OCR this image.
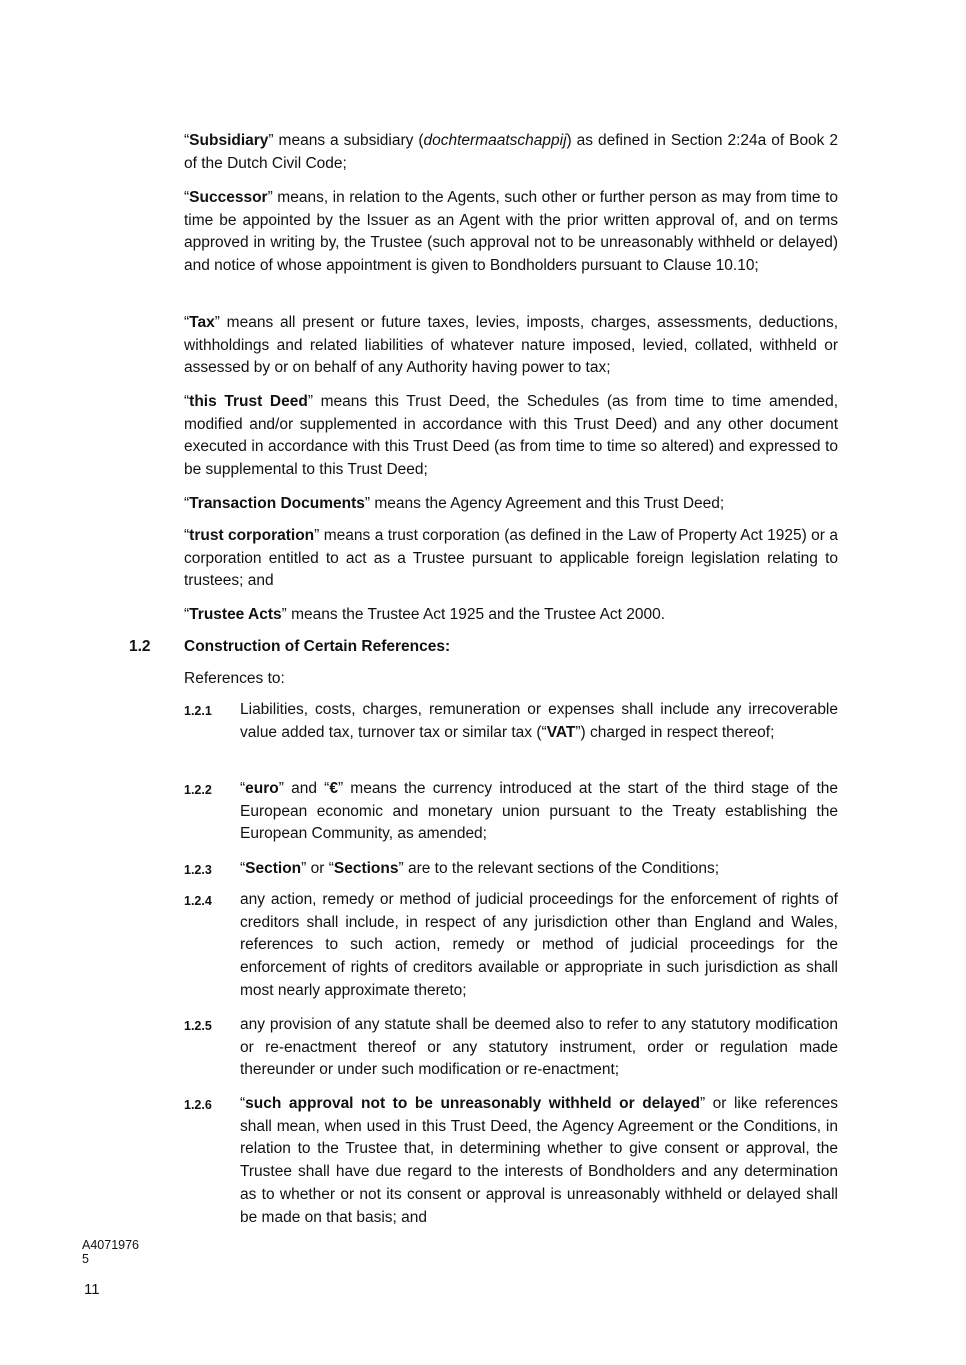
“Subsidiary” means a subsidiary (dochtermaatschappij) as defined in Section 2:24a of Book 2 of the Dutch Civil Code;

“Successor” means, in relation to the Agents, such other or further person as may from time to time be appointed by the Issuer as an Agent with the prior written approval of, and on terms approved in writing by, the Trustee (such approval not to be unreasonably withheld or delayed) and notice of whose appointment is given to Bondholders pursuant to Clause 10.10;

“Tax” means all present or future taxes, levies, imposts, charges, assessments, deductions, withholdings and related liabilities of whatever nature imposed, levied, collated, withheld or assessed by or on behalf of any Authority having power to tax;

“this Trust Deed” means this Trust Deed, the Schedules (as from time to time amended, modified and/or supplemented in accordance with this Trust Deed) and any other document executed in accordance with this Trust Deed (as from time to time so altered) and expressed to be supplemental to this Trust Deed;

“Transaction Documents” means the Agency Agreement and this Trust Deed;

“trust corporation” means a trust corporation (as defined in the Law of Property Act 1925) or a corporation entitled to act as a Trustee pursuant to applicable foreign legislation relating to trustees; and

“Trustee Acts” means the Trustee Act 1925 and the Trustee Act 2000.

1.2 Construction of Certain References:
References to:
1.2.1 Liabilities, costs, charges, remuneration or expenses shall include any irrecoverable value added tax, turnover tax or similar tax (“VAT”) charged in respect thereof;

1.2.2 “euro” and “€” means the currency introduced at the start of the third stage of the European economic and monetary union pursuant to the Treaty establishing the European Community, as amended;

1.2.3 “Section” or “Sections” are to the relevant sections of the Conditions;

1.2.4 any action, remedy or method of judicial proceedings for the enforcement of rights of creditors shall include, in respect of any jurisdiction other than England and Wales, references to such action, remedy or method of judicial proceedings for the enforcement of rights of creditors available or appropriate in such jurisdiction as shall most nearly approximate thereto;

1.2.5 any provision of any statute shall be deemed also to refer to any statutory modification or re-enactment thereof or any statutory instrument, order or regulation made thereunder or under such modification or re-enactment;

1.2.6 “such approval not to be unreasonably withheld or delayed” or like references shall mean, when used in this Trust Deed, the Agency Agreement or the Conditions, in relation to the Trustee that, in determining whether to give consent or approval, the Trustee shall have due regard to the interests of Bondholders and any determination as to whether or not its consent or approval is unreasonably withheld or delayed shall be made on that basis; and

A4071976
5
11
